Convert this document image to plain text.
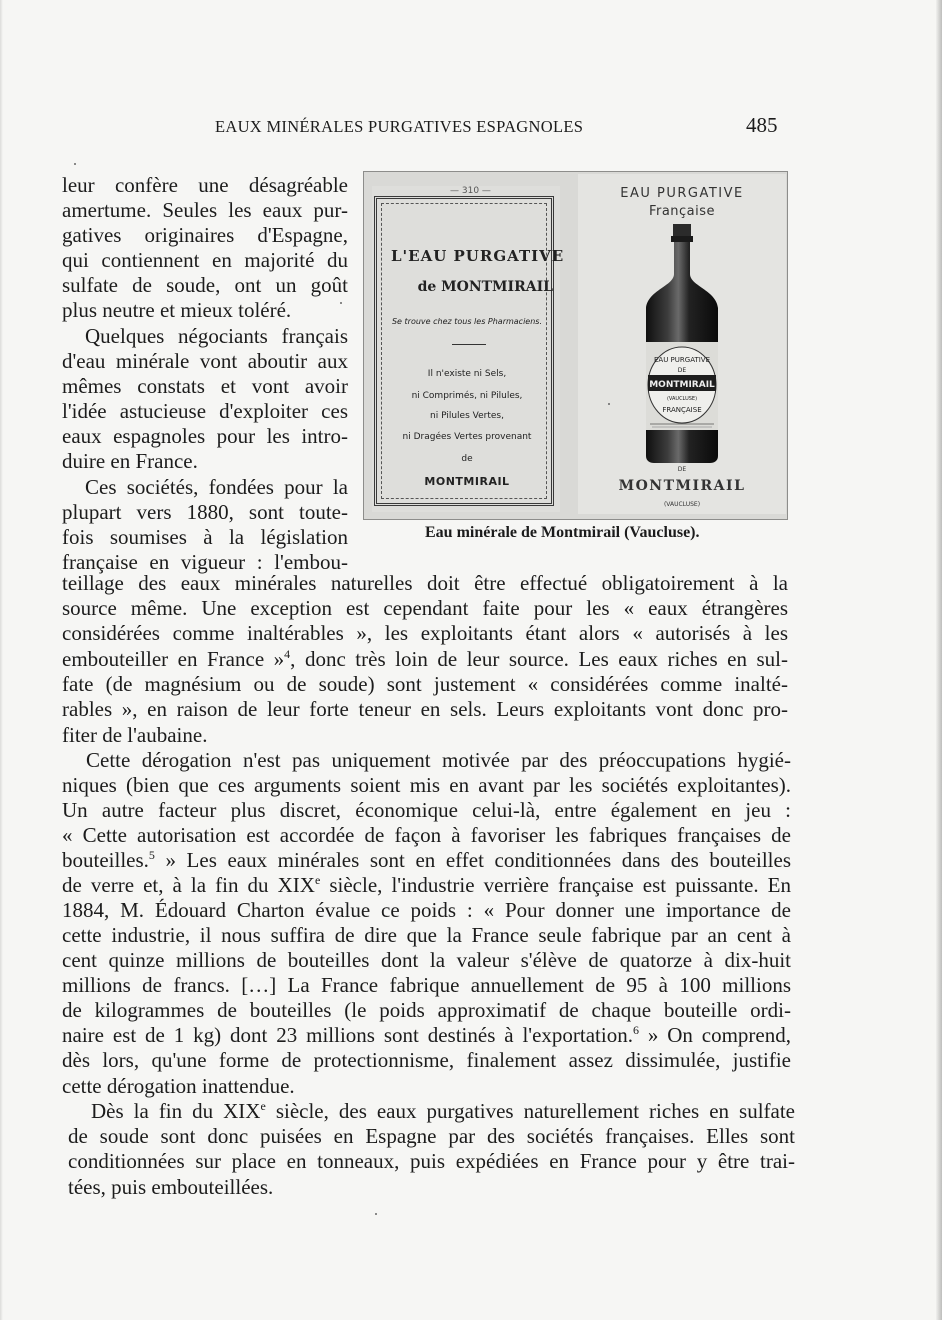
EAUX MINÉRALES PURGATIVES ESPAGNOLES	485
— 310 —
L'EAU PURGATIVE
de MONTMIRAIL
Se trouve chez tous les Pharmaciens.
Il n'existe ni Sels,
ni Comprimés, ni Pilules,
ni Pilules Vertes,
ni Dragées Vertes provenant
de
MONTMIRAIL
EAU PURGATIVE
Française
EAU PURGATIVE
DE
MONTMIRAIL
(VAUCLUSE)
FRANÇAISE
DE
MONTMIRAIL
(VAUCLUSE)
Eau minérale de Montmirail (Vaucluse).
leur confère une désagréable
amertume. Seules les eaux pur-
gatives originaires d'Espagne,
qui contiennent en majorité du
sulfate de soude, ont un goût
plus neutre et mieux toléré.
Quelques négociants français
d'eau minérale vont aboutir aux
mêmes constats et vont avoir
l'idée astucieuse d'exploiter ces
eaux espagnoles pour les intro-
duire en France.
Ces sociétés, fondées pour la
plupart vers 1880, sont toute-
fois soumises à la législation
française en vigueur : l'embou-
teillage des eaux minérales naturelles doit être effectué obligatoirement à la
source même. Une exception est cependant faite pour les « eaux étrangères
considérées comme inaltérables », les exploitants étant alors « autorisés à les
embouteiller en France »$^4$, donc très loin de leur source. Les eaux riches en sul-
fate (de magnésium ou de soude) sont justement « considérées comme inalté-
rables », en raison de leur forte teneur en sels. Leurs exploitants vont donc pro-
fiter de l'aubaine.
Cette dérogation n'est pas uniquement motivée par des préoccupations hygié-
niques (bien que ces arguments soient mis en avant par les sociétés exploitantes).
Un autre facteur plus discret, économique celui-là, entre également en jeu :
« Cette autorisation est accordée de façon à favoriser les fabriques françaises de
bouteilles.$^5$ » Les eaux minérales sont en effet conditionnées dans des bouteilles
de verre et, à la fin du XIXe siècle, l'industrie verrière française est puissante. En
1884, M. Édouard Charton évalue ce poids : « Pour donner une importance de
cette industrie, il nous suffira de dire que la France seule fabrique par an cent à
cent quinze millions de bouteilles dont la valeur s'élève de quatorze à dix-huit
millions de francs. […] La France fabrique annuellement de 95 à 100 millions
de kilogrammes de bouteilles (le poids approximatif de chaque bouteille ordi-
naire est de 1 kg) dont 23 millions sont destinés à l'exportation.$^6$ » On comprend,
dès lors, qu'une forme de protectionnisme, finalement assez dissimulée, justifie
cette dérogation inattendue.
Dès la fin du XIXe siècle, des eaux purgatives naturellement riches en sulfate
de soude sont donc puisées en Espagne par des sociétés françaises. Elles sont
conditionnées sur place en tonneaux, puis expédiées en France pour y être trai-
tées, puis embouteillées.
